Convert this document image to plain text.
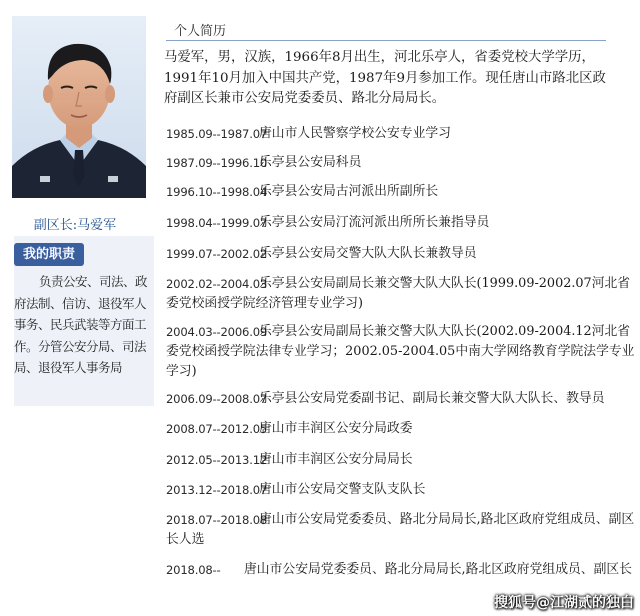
副区长:马爱军
我的职责
负责公安、司法、政府法制、信访、退役军人事务、民兵武装等方面工作。分管公安分局、司法局、退役军人事务局
个人简历
马爱军，男，汉族，1966年8月出生，河北乐亭人，省委党校大学学历，1991年10月加入中国共产党，1987年9月参加工作。现任唐山市路北区政府副区长兼市公安局党委委员、路北分局局长。
1985.09--1987.07
唐山市人民警察学校公安专业学习
1987.09--1996.10
乐亭县公安局科员
1996.10--1998.04
乐亭县公安局古河派出所副所长
1998.04--1999.07
乐亭县公安局汀流河派出所所长兼指导员
1999.07--2002.02
乐亭县公安局交警大队大队长兼教导员
2002.02--2004.03
乐亭县公安局副局长兼交警大队大队长(1999.09-2002.07河北省委党校函授学院经济管理专业学习)
2004.03--2006.09
乐亭县公安局副局长兼交警大队大队长(2002.09-2004.12河北省委党校函授学院法律专业学习；2002.05-2004.05中南大学网络教育学院法学专业学习)
2006.09--2008.07
乐亭县公安局党委副书记、副局长兼交警大队大队长、教导员
2008.07--2012.05
唐山市丰润区公安分局政委
2012.05--2013.12
唐山市丰润区公安分局局长
2013.12--2018.07
唐山市公安局交警支队支队长
2018.07--2018.08
唐山市公安局党委委员、路北分局局长,路北区政府党组成员、副区长人选
2018.08--	唐山市公安局党委委员、路北分局局长,路北区政府党组成员、副区长
搜狐号@江湖贰的独白
